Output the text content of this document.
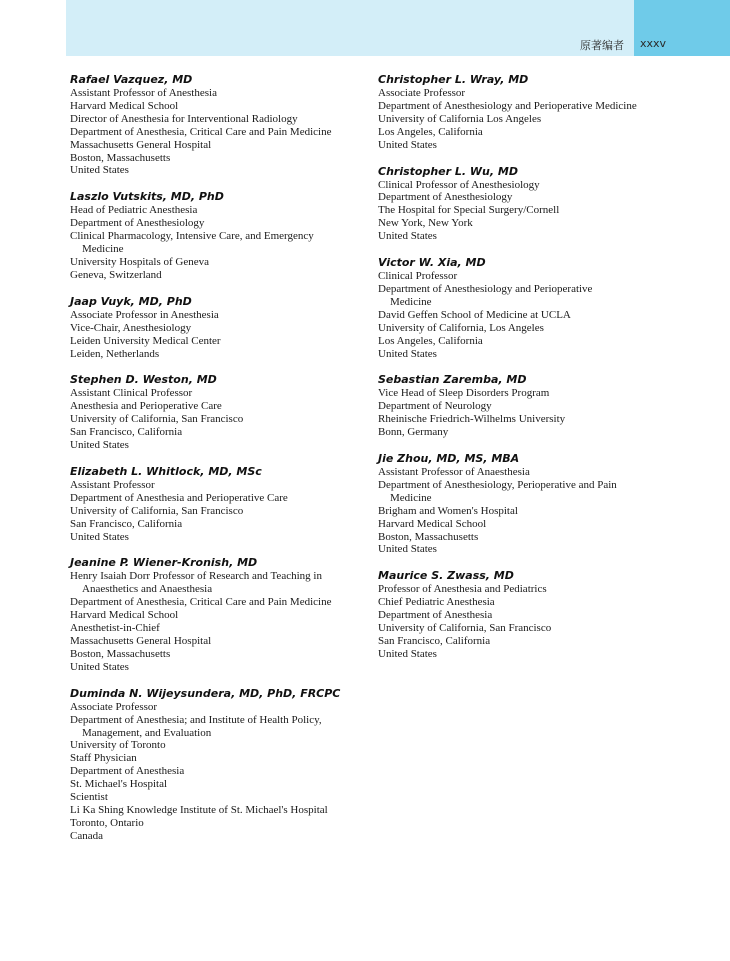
原著编者 xxxv
Rafael Vazquez, MD
Assistant Professor of Anesthesia
Harvard Medical School
Director of Anesthesia for Interventional Radiology
Department of Anesthesia, Critical Care and Pain Medicine
Massachusetts General Hospital
Boston, Massachusetts
United States
Laszlo Vutskits, MD, PhD
Head of Pediatric Anesthesia
Department of Anesthesiology
Clinical Pharmacology, Intensive Care, and Emergency
Medicine
University Hospitals of Geneva
Geneva, Switzerland
Jaap Vuyk, MD, PhD
Associate Professor in Anesthesia
Vice-Chair, Anesthesiology
Leiden University Medical Center
Leiden, Netherlands
Stephen D. Weston, MD
Assistant Clinical Professor
Anesthesia and Perioperative Care
University of California, San Francisco
San Francisco, California
United States
Elizabeth L. Whitlock, MD, MSc
Assistant Professor
Department of Anesthesia and Perioperative Care
University of California, San Francisco
San Francisco, California
United States
Jeanine P. Wiener-Kronish, MD
Henry Isaiah Dorr Professor of Research and Teaching in
Anaesthetics and Anaesthesia
Department of Anesthesia, Critical Care and Pain Medicine
Harvard Medical School
Anesthetist-in-Chief
Massachusetts General Hospital
Boston, Massachusetts
United States
Duminda N. Wijeysundera, MD, PhD, FRCPC
Associate Professor
Department of Anesthesia; and Institute of Health Policy,
Management, and Evaluation
University of Toronto
Staff Physician
Department of Anesthesia
St. Michael's Hospital
Scientist
Li Ka Shing Knowledge Institute of St. Michael's Hospital
Toronto, Ontario
Canada
Christopher L. Wray, MD
Associate Professor
Department of Anesthesiology and Perioperative Medicine
University of California Los Angeles
Los Angeles, California
United States
Christopher L. Wu, MD
Clinical Professor of Anesthesiology
Department of Anesthesiology
The Hospital for Special Surgery/Cornell
New York, New York
United States
Victor W. Xia, MD
Clinical Professor
Department of Anesthesiology and Perioperative
Medicine
David Geffen School of Medicine at UCLA
University of California, Los Angeles
Los Angeles, California
United States
Sebastian Zaremba, MD
Vice Head of Sleep Disorders Program
Department of Neurology
Rheinische Friedrich-Wilhelms University
Bonn, Germany
Jie Zhou, MD, MS, MBA
Assistant Professor of Anaesthesia
Department of Anesthesiology, Perioperative and Pain
Medicine
Brigham and Women's Hospital
Harvard Medical School
Boston, Massachusetts
United States
Maurice S. Zwass, MD
Professor of Anesthesia and Pediatrics
Chief Pediatric Anesthesia
Department of Anesthesia
University of California, San Francisco
San Francisco, California
United States
